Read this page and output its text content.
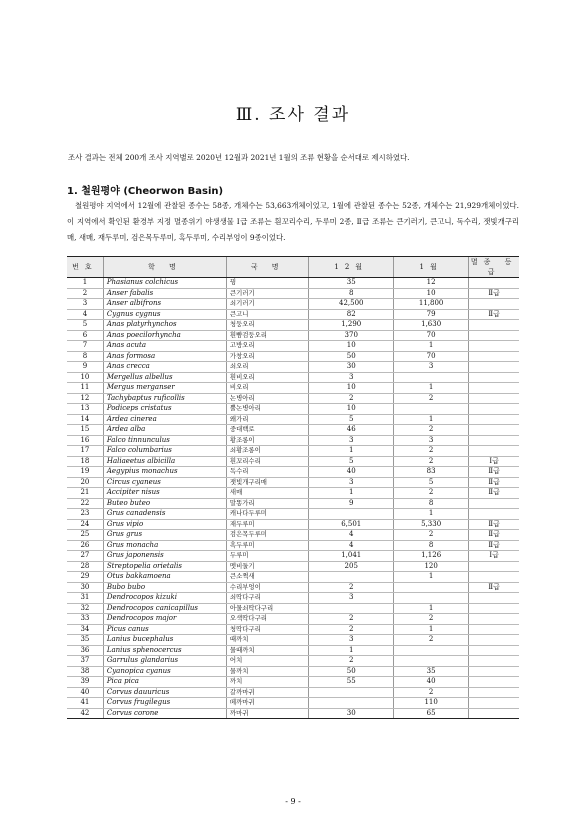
Ⅲ. 조사 결과
조사 결과는 전체 200개 조사 지역별로 2020년 12월과 2021년 1월의 조류 현황을 순서대로 제시하였다.
1. 철원평야 (Cheorwon Basin)
철원평야 지역에서 12월에 관찰된 종수는 58종, 개체수는 53,663개체이었고, 1월에 관찰된 종수는 52종, 개체수는 21,929개체이었다. 이 지역에서 확인된 환경부 지정 멸종위기 야생생물 Ⅰ급 조류는 흰꼬리수리, 두루미 2종, Ⅱ급 조류는 큰기러기, 큰고니, 독수리, 잿빛개구리매, 새매, 재두루미, 검은목두루미, 흑두루미, 수리부엉이 9종이었다.
번호	학 명	국 명	12월	1월	멸종 등급
1	Phasianus colchicus	꿩	35	12	
2	Anser fabalis	큰기러기	8	10	Ⅱ급
3	Anser albifrons	쇠기러기	42,500	11,800	
4	Cygnus cygnus	큰고니	82	79	Ⅱ급
5	Anas platyrhynchos	청둥오리	1,290	1,630	
6	Anas poecilorhyncha	흰뺨검둥오리	370	70	
7	Anas acuta	고방오리	10	1	
8	Anas formosa	가창오리	50	70	
9	Anas crecca	쇠오리	30	3	
10	Mergellus albellus	흰비오리	3		
11	Mergus merganser	비오리	10	1	
12	Tachybaptus ruficollis	논병아리	2	2	
13	Podiceps cristatus	뿔논병아리	10		
14	Ardea cinerea	왜가리	5	1	
15	Ardea alba	중대백로	46	2	
16	Falco tinnunculus	황조롱이	3	3	
17	Falco columbarius	쇠황조롱이	1	2	
18	Haliaeetus albicilla	흰꼬리수리	5	2	Ⅰ급
19	Aegypius monachus	독수리	40	83	Ⅱ급
20	Circus cyaneus	잿빛개구리매	3	5	Ⅱ급
21	Accipiter nisus	새매	1	2	Ⅱ급
22	Buteo buteo	말똥가리	9	8	
23	Grus canadensis	캐나다두루미		1	
24	Grus vipio	재두루미	6,501	5,330	Ⅱ급
25	Grus grus	검은목두루미	4	2	Ⅱ급
26	Grus monacha	흑두루미	4	8	Ⅱ급
27	Grus japonensis	두루미	1,041	1,126	Ⅰ급
28	Streptopelia orietalis	멧비둘기	205	120	
29	Otus bakkamoena	큰소쩍새		1	
30	Bubo bubo	수리부엉이	2		Ⅱ급
31	Dendrocopos kizuki	쇠딱다구리	3		
32	Dendrocopos canicapillus	아물쇠딱다구리		1	
33	Dendrocopos major	오색딱다구리	2	2	
34	Picus canus	청딱다구리	2	1	
35	Lanius bucephalus	때까치	3	2	
36	Lanius sphenocercus	물때까치	1		
37	Garrulus glandarius	어치	2		
38	Cyanopica cyanus	물까치	50	35	
39	Pica pica	까치	55	40	
40	Corvus dauuricus	갈까마귀		2	
41	Corvus frugilegus	떼까마귀		110	
42	Corvus corone	까마귀	30	65	
- 9 -
